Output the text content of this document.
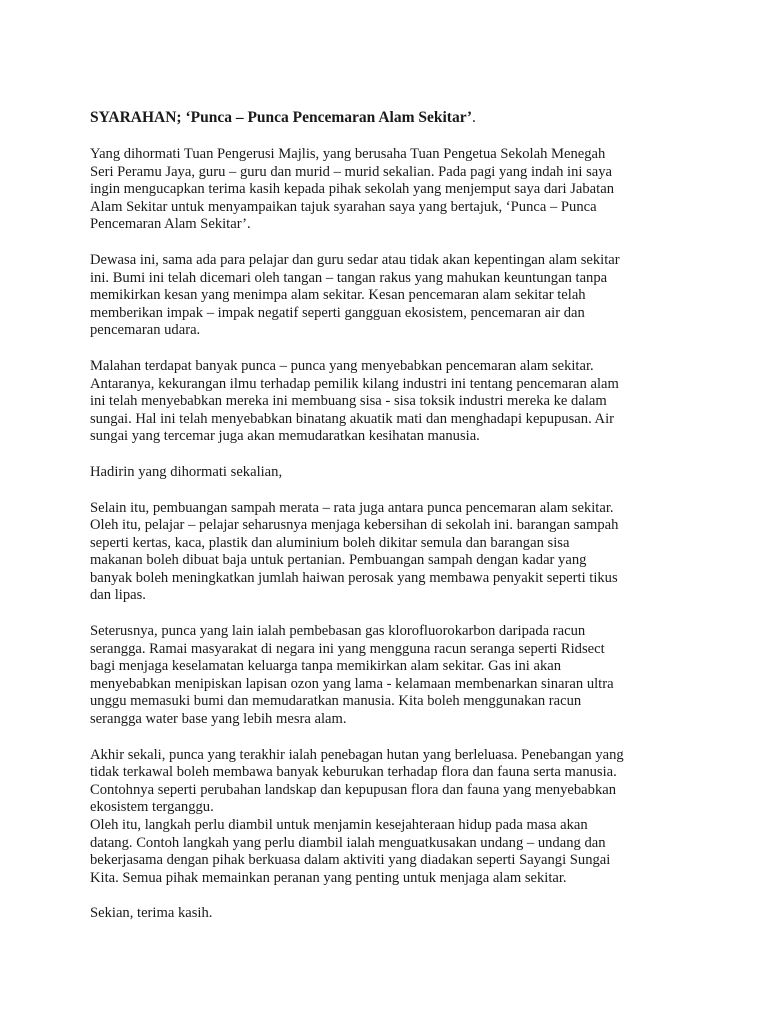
SYARAHAN; ‘Punca – Punca Pencemaran Alam Sekitar’.
Yang dihormati Tuan Pengerusi Majlis, yang berusaha Tuan Pengetua Sekolah Menegah
Seri Peramu Jaya, guru – guru dan murid – murid sekalian. Pada pagi yang indah ini saya
ingin mengucapkan terima kasih kepada pihak sekolah yang menjemput saya dari Jabatan
Alam Sekitar untuk menyampaikan tajuk syarahan saya yang bertajuk, ‘Punca – Punca
Pencemaran Alam Sekitar’.
Dewasa ini, sama ada para pelajar dan guru sedar atau tidak akan kepentingan alam sekitar
ini. Bumi ini telah dicemari oleh tangan – tangan rakus yang mahukan keuntungan tanpa
memikirkan kesan yang menimpa alam sekitar. Kesan pencemaran alam sekitar telah
memberikan impak – impak negatif seperti gangguan ekosistem, pencemaran air dan
pencemaran udara.
Malahan terdapat banyak punca – punca yang menyebabkan pencemaran alam sekitar.
Antaranya, kekurangan ilmu terhadap pemilik kilang industri ini tentang pencemaran alam
ini telah menyebabkan mereka ini membuang sisa - sisa toksik industri mereka ke dalam
sungai. Hal ini telah menyebabkan binatang akuatik mati dan menghadapi kepupusan. Air
sungai yang tercemar juga akan memudaratkan kesihatan manusia.
Hadirin yang dihormati sekalian,
Selain itu, pembuangan sampah merata – rata juga antara punca pencemaran alam sekitar.
Oleh itu, pelajar – pelajar seharusnya menjaga kebersihan di sekolah ini. barangan sampah
seperti kertas, kaca, plastik dan aluminium boleh dikitar semula dan barangan sisa
makanan boleh dibuat baja untuk pertanian. Pembuangan sampah dengan kadar yang
banyak boleh meningkatkan jumlah haiwan perosak yang membawa penyakit seperti tikus
dan lipas.
Seterusnya, punca yang lain ialah pembebasan gas klorofluorokarbon daripada racun
serangga. Ramai masyarakat di negara ini yang mengguna racun seranga seperti Ridsect
bagi menjaga keselamatan keluarga tanpa memikirkan alam sekitar. Gas ini akan
menyebabkan menipiskan lapisan ozon yang lama - kelamaan membenarkan sinaran ultra
unggu memasuki bumi dan memudaratkan manusia. Kita boleh menggunakan racun
serangga water base yang lebih mesra alam.
Akhir sekali, punca yang terakhir ialah penebagan hutan yang berleluasa. Penebangan yang
tidak terkawal boleh membawa banyak keburukan terhadap flora dan fauna serta manusia.
Contohnya seperti perubahan landskap dan kepupusan flora dan fauna yang menyebabkan
ekosistem terganggu.
Oleh itu, langkah perlu diambil untuk menjamin kesejahteraan hidup pada masa akan
datang. Contoh langkah yang perlu diambil ialah menguatkusakan undang – undang dan
bekerjasama dengan pihak berkuasa dalam aktiviti yang diadakan seperti Sayangi Sungai
Kita. Semua pihak memainkan peranan yang penting untuk menjaga alam sekitar.
Sekian, terima kasih.
